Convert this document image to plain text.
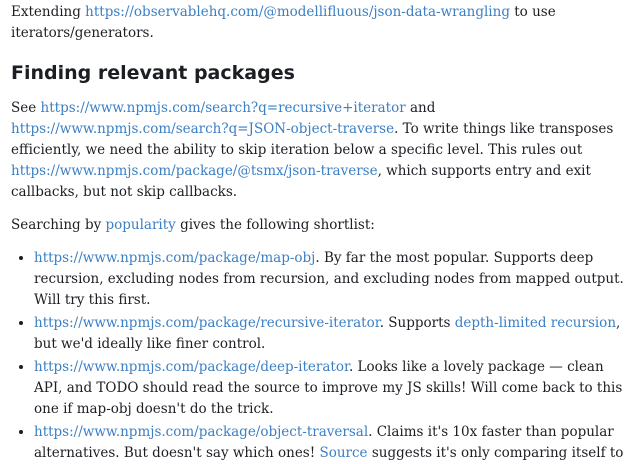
Extending https://observablehq.com/@modellifluous/json-data-wrangling to use iterators/generators.

Finding relevant packages

See https://www.npmjs.com/search?q=recursive+iterator and https://www.npmjs.com/search?q=JSON-object-traverse. To write things like transposes efficiently, we need the ability to skip iteration below a specific level. This rules out https://www.npmjs.com/package/@tsmx/json-traverse, which supports entry and exit callbacks, but not skip callbacks.

Searching by popularity gives the following shortlist:

• https://www.npmjs.com/package/map-obj. By far the most popular. Supports deep recursion, excluding nodes from recursion, and excluding nodes from mapped output. Will try this first.
• https://www.npmjs.com/package/recursive-iterator. Supports depth-limited recursion, but we'd ideally like finer control.
• https://www.npmjs.com/package/deep-iterator. Looks like a lovely package — clean API, and TODO should read the source to improve my JS skills! Will come back to this one if map-obj doesn't do the trick.
• https://www.npmjs.com/package/object-traversal. Claims it's 10x faster than popular alternatives. But doesn't say which ones! Source suggests it's only comparing itself to
